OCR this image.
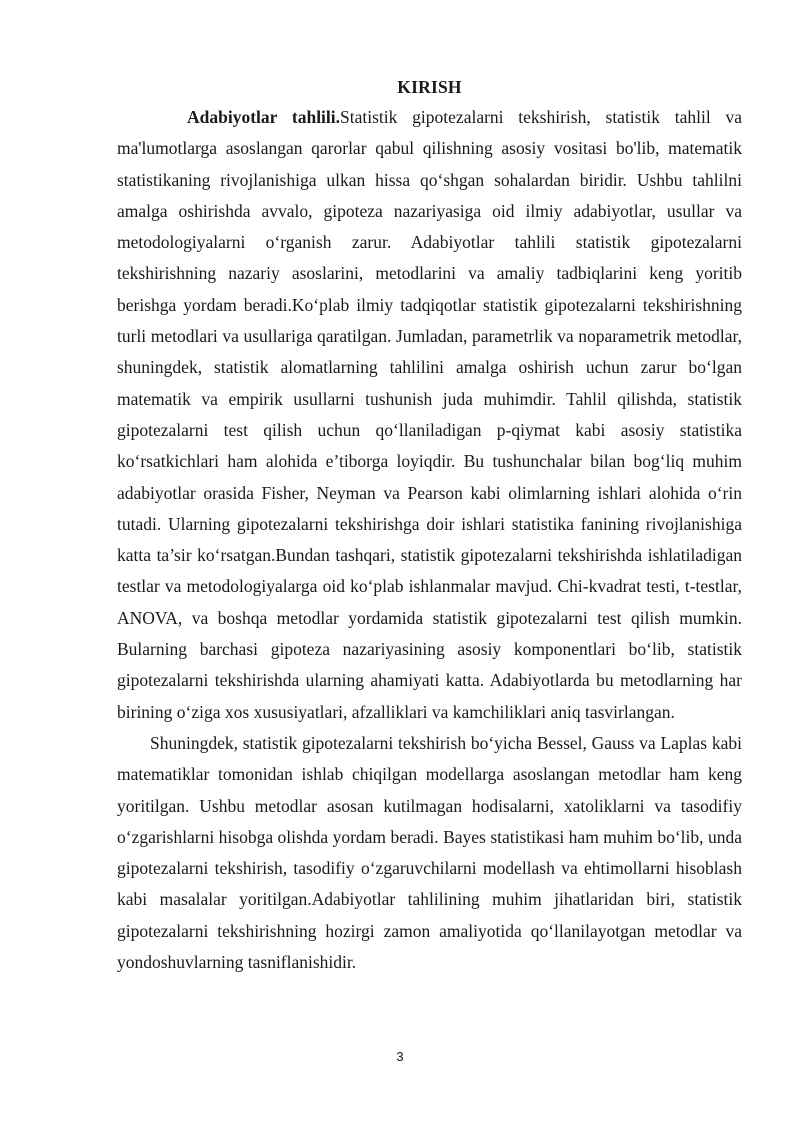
KIRISH

Adabiyotlar tahlili.Statistik gipotezalarni tekshirish, statistik tahlil va ma'lumotlarga asoslangan qarorlar qabul qilishning asosiy vositasi bo'lib, matematik statistikaning rivojlanishiga ulkan hissa qo‘shgan sohalardan biridir. Ushbu tahlilni amalga oshirishda avvalo, gipoteza nazariyasiga oid ilmiy adabiyotlar, usullar va metodologiyalarni o‘rganish zarur. Adabiyotlar tahlili statistik gipotezalarni tekshirishning nazariy asoslarini, metodlarini va amaliy tadbiqlarini keng yoritib berishga yordam beradi.Ko‘plab ilmiy tadqiqotlar statistik gipotezalarni tekshirishning turli metodlari va usullariga qaratilgan. Jumladan, parametrlik va noparametrik metodlar, shuningdek, statistik alomatlarning tahlilini amalga oshirish uchun zarur bo‘lgan matematik va empirik usullarni tushunish juda muhimdir. Tahlil qilishda, statistik gipotezalarni test qilish uchun qo‘llaniladigan p-qiymat kabi asosiy statistika ko‘rsatkichlari ham alohida e’tiborga loyiqdir. Bu tushunchalar bilan bog‘liq muhim adabiyotlar orasida Fisher, Neyman va Pearson kabi olimlarning ishlari alohida o‘rin tutadi. Ularning gipotezalarni tekshirishga doir ishlari statistika fanining rivojlanishiga katta ta’sir ko‘rsatgan.Bundan tashqari, statistik gipotezalarni tekshirishda ishlatiladigan testlar va metodologiyalarga oid ko‘plab ishlanmalar mavjud. Chi-kvadrat testi, t-testlar, ANOVA, va boshqa metodlar yordamida statistik gipotezalarni test qilish mumkin. Bularning barchasi gipoteza nazariyasining asosiy komponentlari bo‘lib, statistik gipotezalarni tekshirishda ularning ahamiyati katta. Adabiyotlarda bu metodlarning har birining o‘ziga xos xususiyatlari, afzalliklari va kamchiliklari aniq tasvirlangan.

Shuningdek, statistik gipotezalarni tekshirish bo‘yicha Bessel, Gauss va Laplas kabi matematiklar tomonidan ishlab chiqilgan modellarga asoslangan metodlar ham keng yoritilgan. Ushbu metodlar asosan kutilmagan hodisalarni, xatoliklarni va tasodifiy o‘zgarishlarni hisobga olishda yordam beradi. Bayes statistikasi ham muhim bo‘lib, unda gipotezalarni tekshirish, tasodifiy o‘zgaruvchilarni modellash va ehtimollarni hisoblash kabi masalalar yoritilgan.Adabiyotlar tahlilining muhim jihatlaridan biri, statistik gipotezalarni tekshirishning hozirgi zamon amaliyotida qo‘llanilayotgan metodlar va yondoshuvlarning tasniflanishidir.

3
